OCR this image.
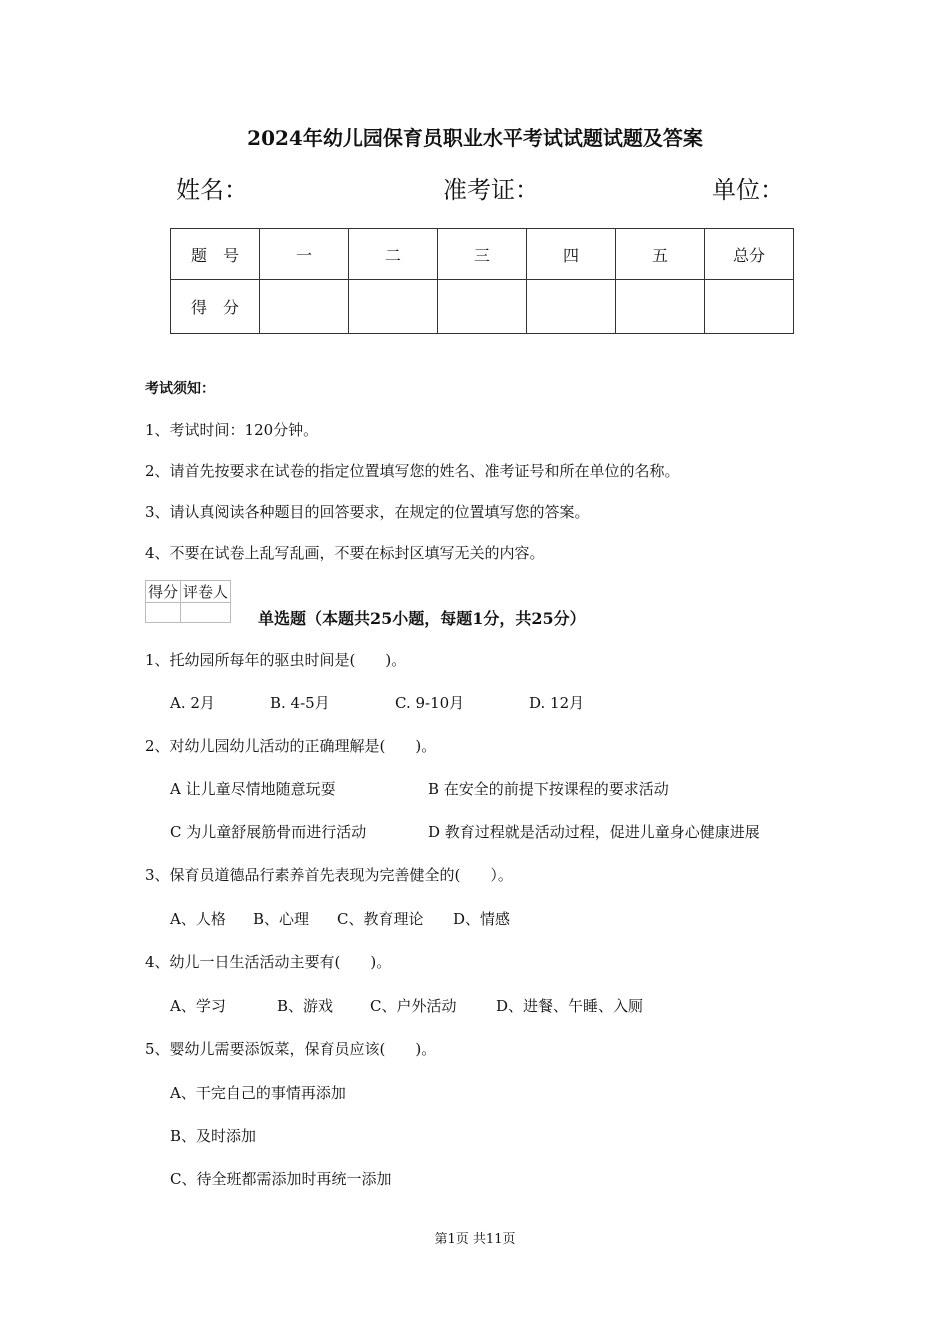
2024年幼儿园保育员职业水平考试试题试题及答案
姓名：	准考证：	单位：
题　号	一	二	三	四	五	总分
得　分						
考试须知：
1、考试时间：120分钟。
2、请首先按要求在试卷的指定位置填写您的姓名、准考证号和所在单位的名称。
3、请认真阅读各种题目的回答要求，在规定的位置填写您的答案。
4、不要在试卷上乱写乱画，不要在标封区填写无关的内容。
得分	评卷人

单选题（本题共25小题，每题1分，共25分）
1、托幼园所每年的驱虫时间是(　　)。
A. 2月	B. 4-5月	C. 9-10月	D. 12月
2、对幼儿园幼儿活动的正确理解是(　　)。
A 让儿童尽情地随意玩耍	B 在安全的前提下按课程的要求活动
C 为儿童舒展筋骨而进行活动	D 教育过程就是活动过程，促进儿童身心健康进展
3、保育员道德品行素养首先表现为完善健全的(　　）。
A、人格 B、心理 C、教育理论 D、情感
4、幼儿一日生活活动主要有(　　)。
A、学习	B、游戏 C、户外活动	D、进餐、午睡、入厕
5、婴幼儿需要添饭菜，保育员应该(　　)。
A、干完自己的事情再添加
B、及时添加
C、待全班都需添加时再统一添加
第1页 共11页
